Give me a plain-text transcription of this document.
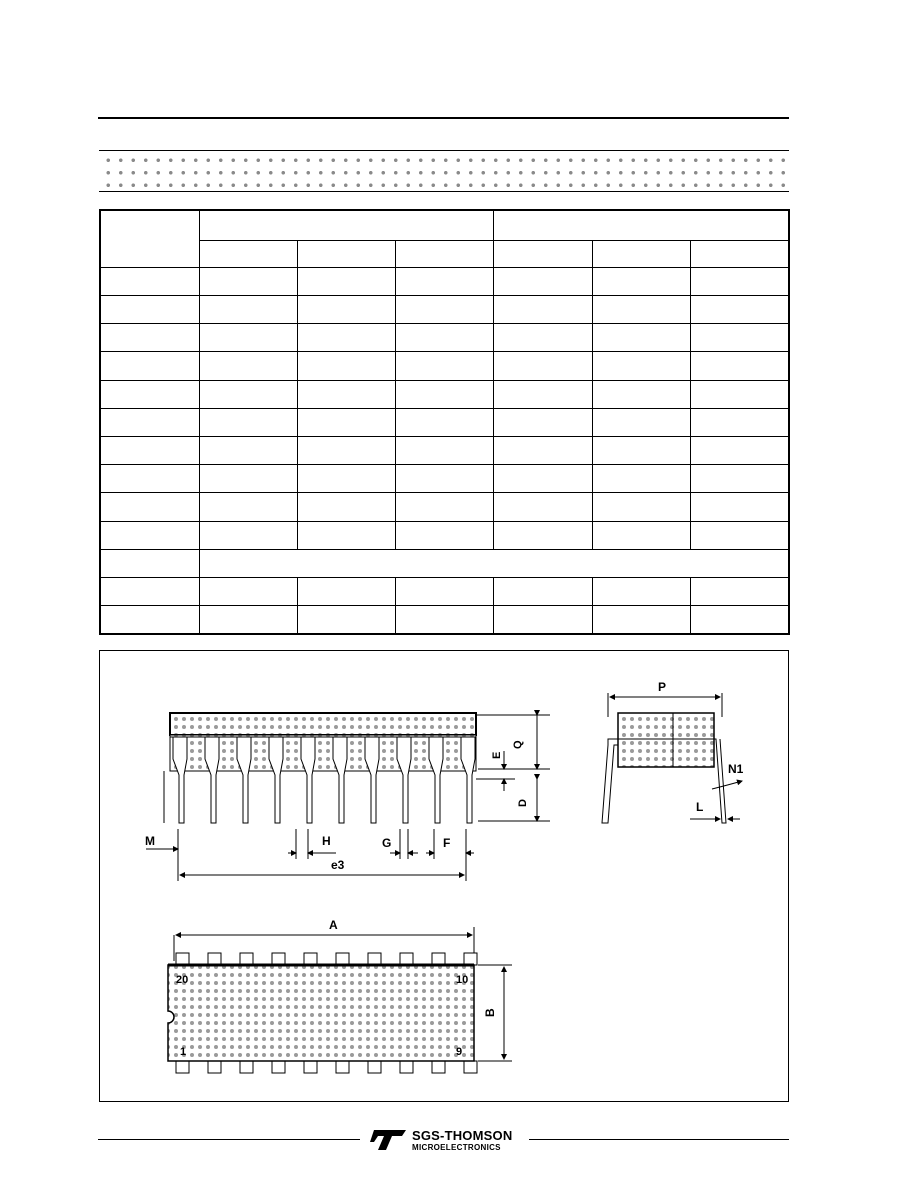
Q
E
D
M	H	G	F
e3
P
N1
L
A
20	10
1	9
B
SGS-THOMSON
MICROELECTRONICS
